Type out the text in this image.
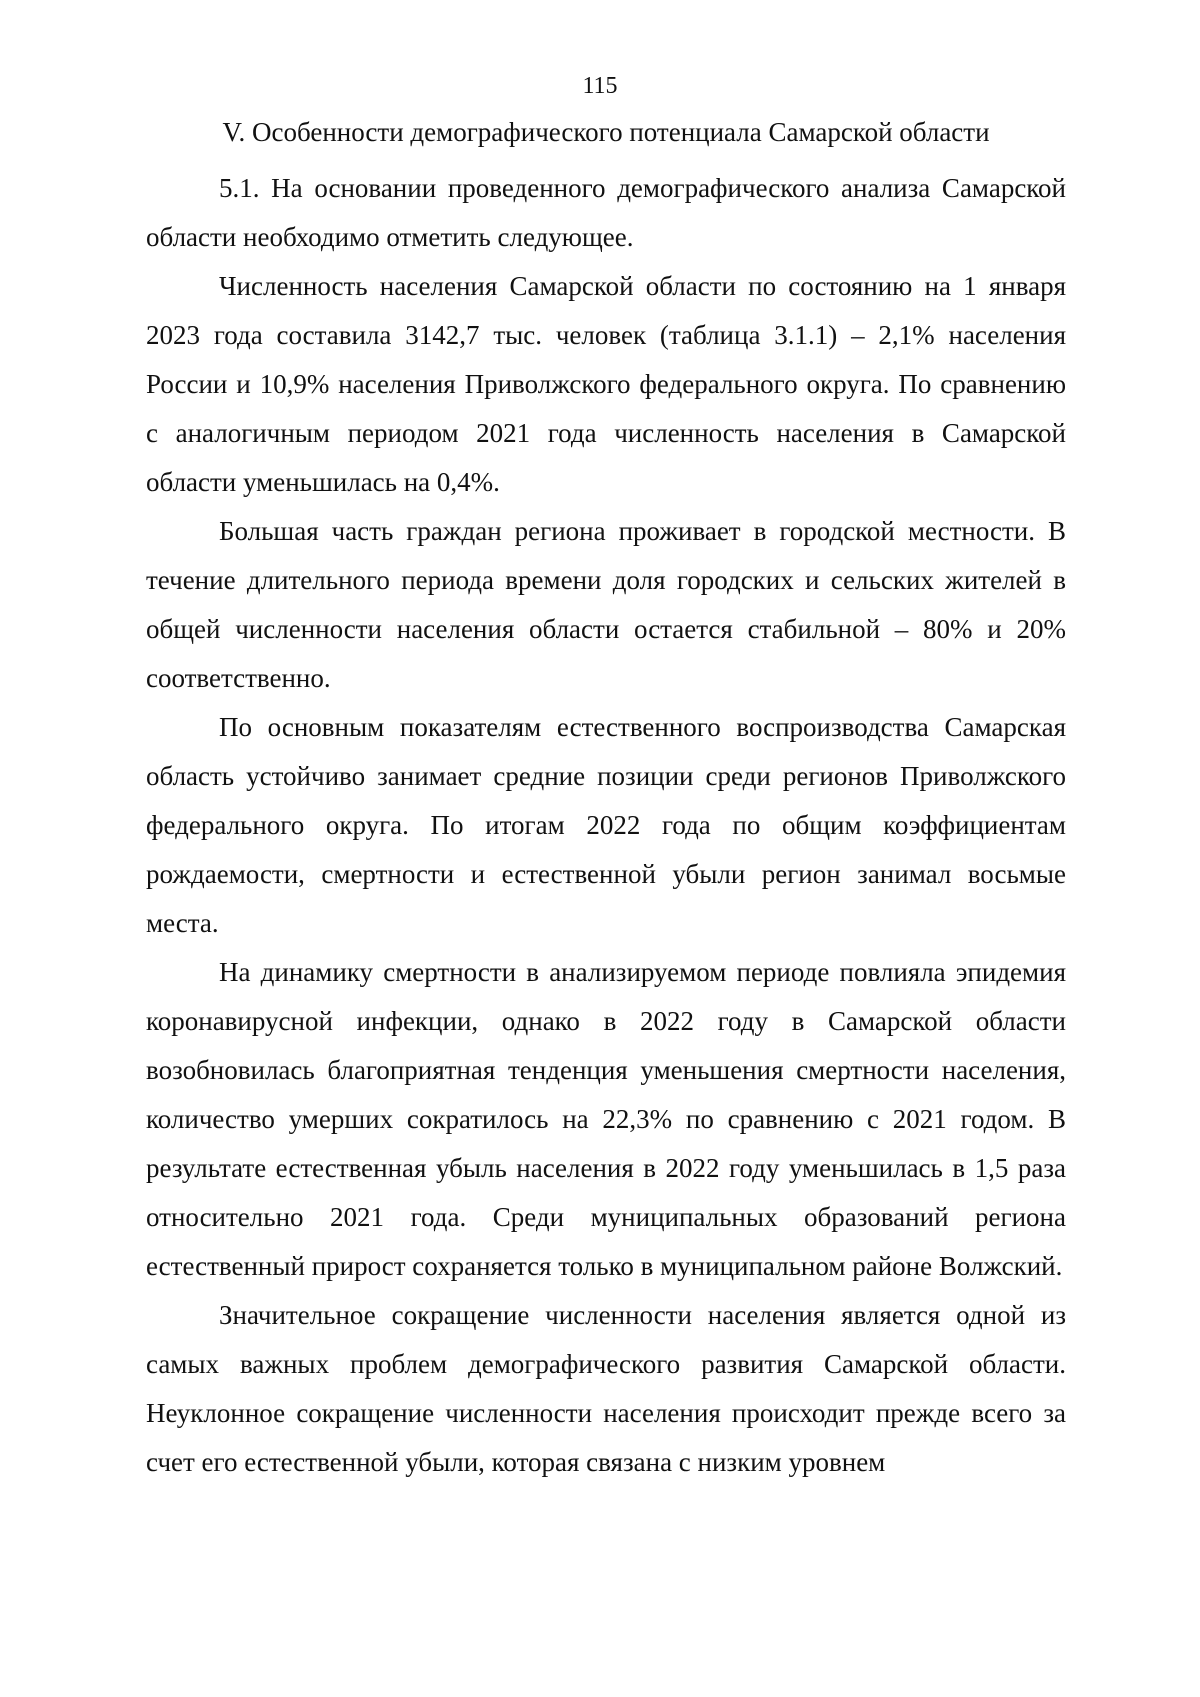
115
V. Особенности демографического потенциала Самарской области

5.1. На основании проведенного демографического анализа Самарской области необходимо отметить следующее.

Численность населения Самарской области по состоянию на 1 января 2023 года составила 3142,7 тыс. человек (таблица 3.1.1) – 2,1% населения России и 10,9% населения Приволжского федерального округа. По сравнению с аналогичным периодом 2021 года численность населения в Самарской области уменьшилась на 0,4%.

Большая часть граждан региона проживает в городской местности. В течение длительного периода времени доля городских и сельских жителей в общей численности населения области остается стабильной – 80% и 20% соответственно.

По основным показателям естественного воспроизводства Самарская область устойчиво занимает средние позиции среди регионов Приволжского федерального округа. По итогам 2022 года по общим коэффициентам рождаемости, смертности и естественной убыли регион занимал восьмые места.

На динамику смертности в анализируемом периоде повлияла эпидемия коронавирусной инфекции, однако в 2022 году в Самарской области возобновилась благоприятная тенденция уменьшения смертности населения, количество умерших сократилось на 22,3% по сравнению с 2021 годом. В результате естественная убыль населения в 2022 году уменьшилась в 1,5 раза относительно 2021 года. Среди муниципальных образований региона естественный прирост сохраняется только в муниципальном районе Волжский.

Значительное сокращение численности населения является одной из самых важных проблем демографического развития Самарской области. Неуклонное сокращение численности населения происходит прежде всего за счет его естественной убыли, которая связана с низким уровнем
